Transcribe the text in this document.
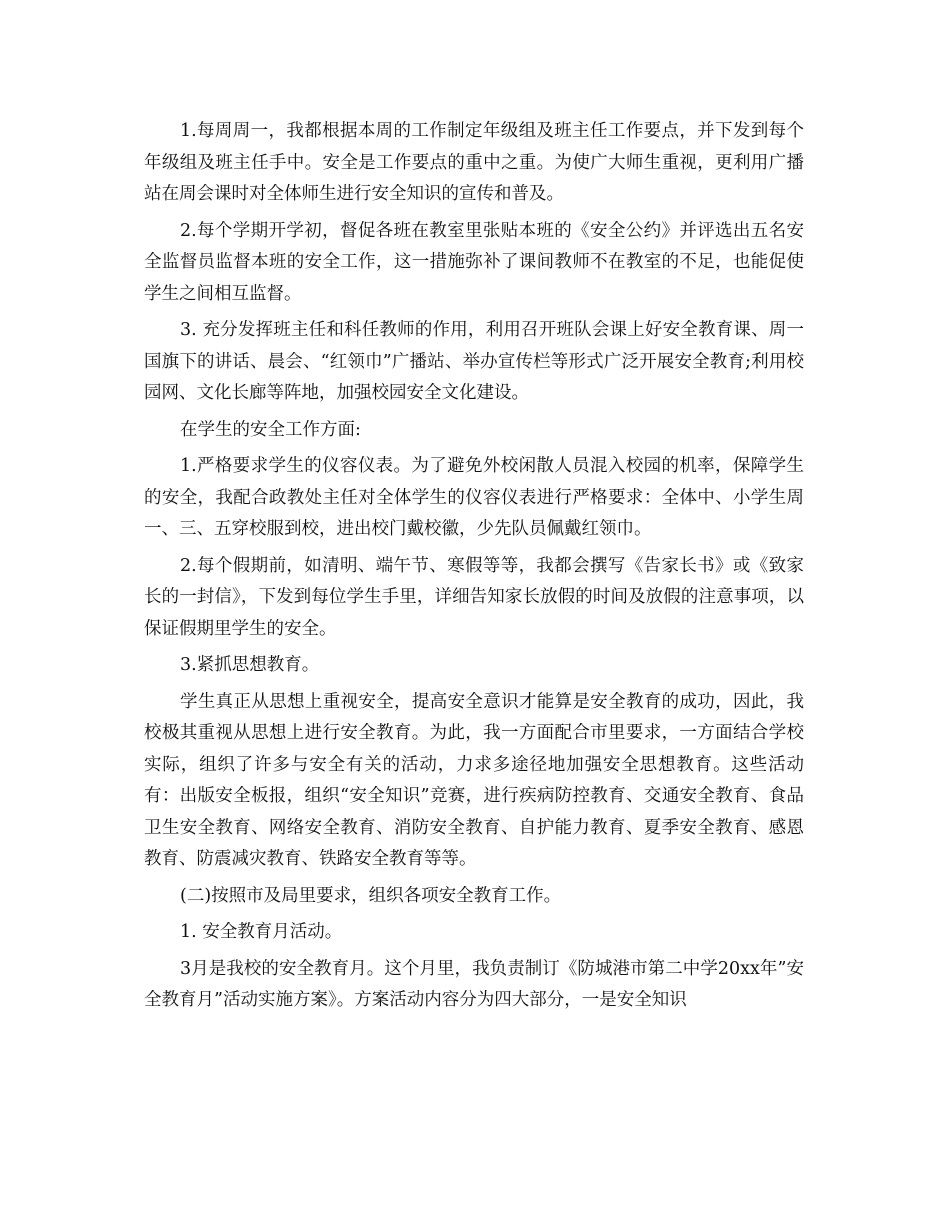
1.每周周一，我都根据本周的工作制定年级组及班主任工作要点，并下发到每个年级组及班主任手中。安全是工作要点的重中之重。为使广大师生重视，更利用广播站在周会课时对全体师生进行安全知识的宣传和普及。

2.每个学期开学初，督促各班在教室里张贴本班的《安全公约》并评选出五名安全监督员监督本班的安全工作，这一措施弥补了课间教师不在教室的不足，也能促使学生之间相互监督。

3. 充分发挥班主任和科任教师的作用，利用召开班队会课上好安全教育课、周一国旗下的讲话、晨会、“红领巾”广播站、举办宣传栏等形式广泛开展安全教育;利用校园网、文化长廊等阵地，加强校园安全文化建设。

在学生的安全工作方面:

1.严格要求学生的仪容仪表。为了避免外校闲散人员混入校园的机率，保障学生的安全，我配合政教处主任对全体学生的仪容仪表进行严格要求：全体中、小学生周一、三、五穿校服到校，进出校门戴校徽，少先队员佩戴红领巾。

2.每个假期前，如清明、端午节、寒假等等，我都会撰写《告家长书》或《致家长的一封信》，下发到每位学生手里，详细告知家长放假的时间及放假的注意事项，以保证假期里学生的安全。

3.紧抓思想教育。

学生真正从思想上重视安全，提高安全意识才能算是安全教育的成功，因此，我校极其重视从思想上进行安全教育。为此，我一方面配合市里要求，一方面结合学校实际，组织了许多与安全有关的活动，力求多途径地加强安全思想教育。这些活动有：出版安全板报，组织“安全知识”竞赛，进行疾病防控教育、交通安全教育、食品卫生安全教育、网络安全教育、消防安全教育、自护能力教育、夏季安全教育、感恩教育、防震减灾教育、铁路安全教育等等。

(二)按照市及局里要求，组织各项安全教育工作。

1. 安全教育月活动。

3月是我校的安全教育月。这个月里，我负责制订《防城港市第二中学20xx年”安全教育月”活动实施方案》。方案活动内容分为四大部分，一是安全知识
